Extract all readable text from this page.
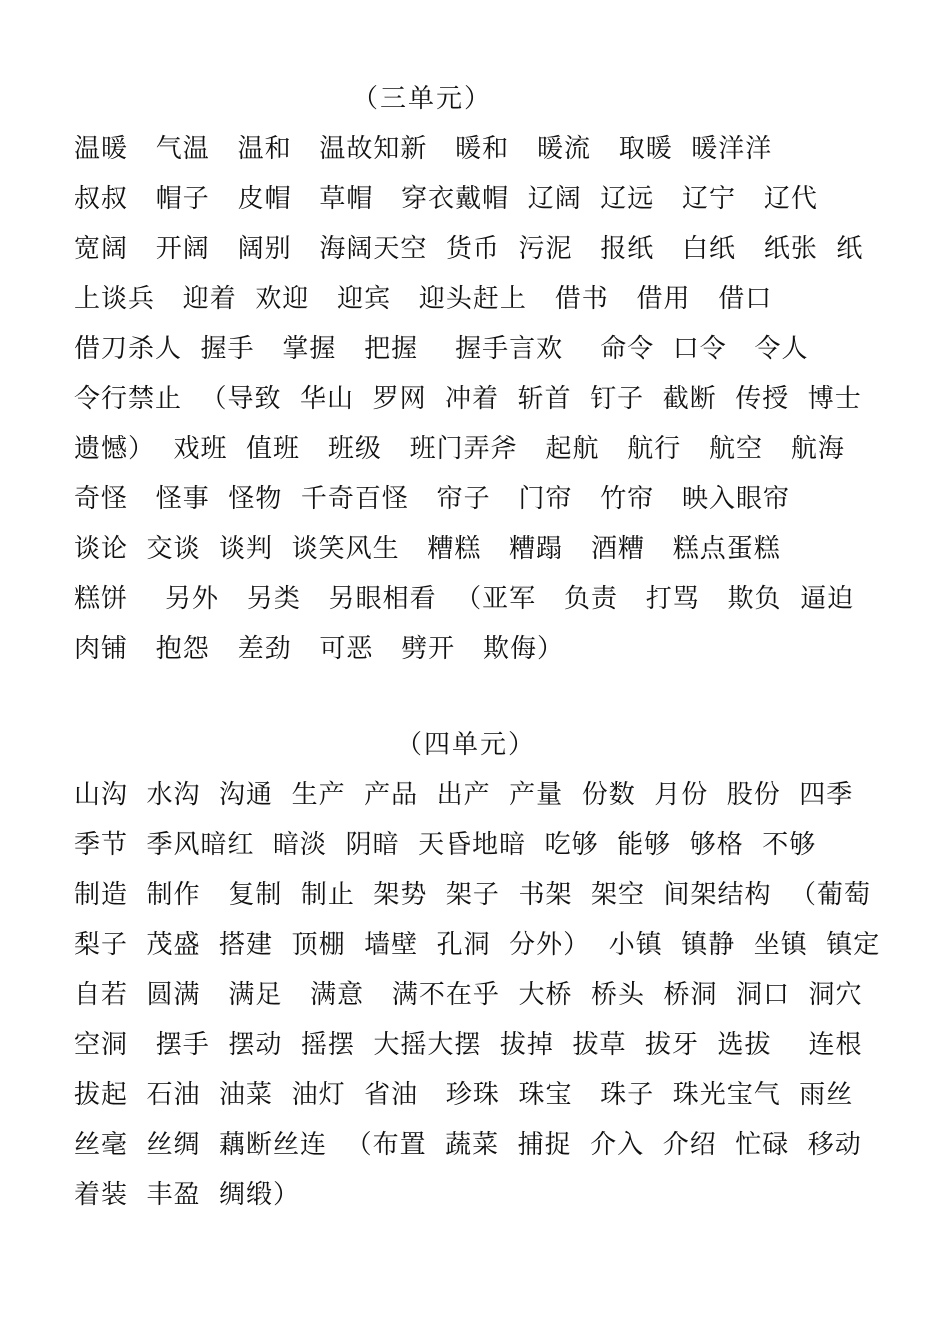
（三单元）
温暖   气温   温和   温故知新   暖和   暖流   取暖  暖洋洋
叔叔   帽子   皮帽   草帽   穿衣戴帽  辽阔  辽远   辽宁   辽代
宽阔   开阔   阔别   海阔天空  货币  污泥   报纸   白纸   纸张  纸
上谈兵   迎着  欢迎   迎宾   迎头赶上   借书   借用   借口
借刀杀人  握手   掌握   把握    握手言欢    命令  口令   令人
令行禁止  （导致  华山  罗网  冲着  斩首  钉子  截断  传授  博士
遗憾）  戏班  值班   班级   班门弄斧   起航   航行   航空   航海
奇怪   怪事  怪物  千奇百怪   帘子   门帘   竹帘   映入眼帘
谈论  交谈  谈判  谈笑风生   糟糕   糟蹋   酒糟   糕点蛋糕
糕饼    另外   另类   另眼相看  （亚军   负责   打骂   欺负  逼迫
肉铺   抱怨   差劲   可恶   劈开   欺侮）
（四单元）
山沟  水沟  沟通  生产  产品  出产  产量  份数  月份  股份  四季
季节  季风暗红  暗淡  阴暗  天昏地暗  吃够  能够  够格  不够
制造  制作   复制  制止  架势  架子  书架  架空  间架结构  （葡萄
梨子  茂盛  搭建  顶棚  墙壁  孔洞  分外）  小镇  镇静  坐镇  镇定
自若  圆满   满足   满意   满不在乎  大桥  桥头  桥洞  洞口  洞穴
空洞   摆手  摆动  摇摆  大摇大摆  拔掉  拔草  拔牙  选拔    连根
拔起  石油  油菜  油灯  省油   珍珠  珠宝   珠子  珠光宝气  雨丝
丝毫  丝绸  藕断丝连  （布置  蔬菜  捕捉  介入  介绍  忙碌  移动
着装  丰盈  绸缎）
